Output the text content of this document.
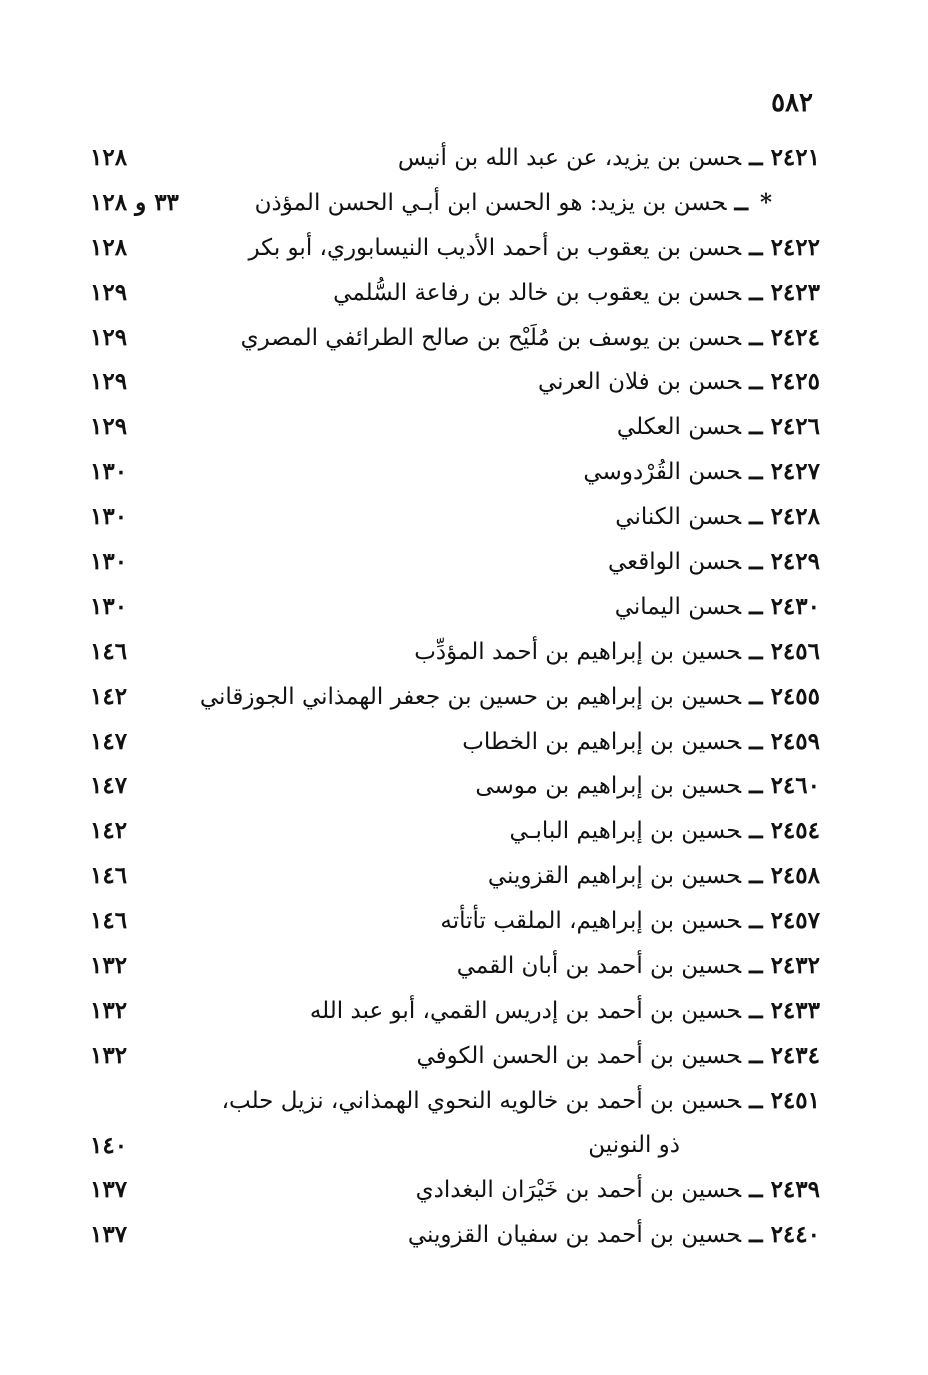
٥٨٢
٢٤٢١ــحسن بن يزيد، عن عبد الله بن أنيس
١٢٨
*ــحسن بن يزيد: هو الحسن ابن أبـي الحسن المؤذن
٣٣ و ١٢٨
٢٤٢٢ــحسن بن يعقوب بن أحمد الأديب النيسابوري، أبو بكر
١٢٨
٢٤٢٣ــحسن بن يعقوب بن خالد بن رفاعة السُّلمي
١٢٩
٢٤٢٤ــحسن بن يوسف بن مُلَيْح بن صالح الطرائفي المصري
١٢٩
٢٤٢٥ــحسن بن فلان العرني
١٢٩
٢٤٢٦ــحسن العكلي
١٢٩
٢٤٢٧ــحسن القُرْدوسي
١٣٠
٢٤٢٨ــحسن الكناني
١٣٠
٢٤٢٩ــحسن الواقعي
١٣٠
٢٤٣٠ــحسن اليماني
١٣٠
٢٤٥٦ــحسين بن إبراهيم بن أحمد المؤدِّب
١٤٦
٢٤٥٥ــحسين بن إبراهيم بن حسين بن جعفر الهمذاني الجوزقاني
١٤٢
٢٤٥٩ــحسين بن إبراهيم بن الخطاب
١٤٧
٢٤٦٠ــحسين بن إبراهيم بن موسى
١٤٧
٢٤٥٤ــحسين بن إبراهيم البابـي
١٤٢
٢٤٥٨ــحسين بن إبراهيم القزويني
١٤٦
٢٤٥٧ــحسين بن إبراهيم، الملقب تأتأته
١٤٦
٢٤٣٢ــحسين بن أحمد بن أبان القمي
١٣٢
٢٤٣٣ــحسين بن أحمد بن إدريس القمي، أبو عبد الله
١٣٢
٢٤٣٤ــحسين بن أحمد بن الحسن الكوفي
١٣٢
٢٤٥١ــحسين بن أحمد بن خالويه النحوي الهمذاني، نزيل حلب،
ذو النونين
١٤٠
٢٤٣٩ــحسين بن أحمد بن خَيْرَان البغدادي
١٣٧
٢٤٤٠ــحسين بن أحمد بن سفيان القزويني
١٣٧
